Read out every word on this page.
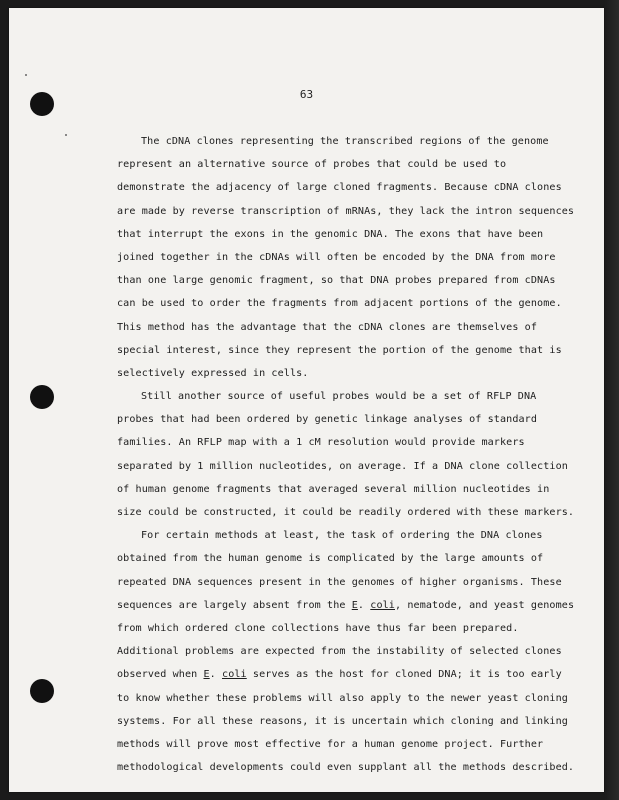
63
The cDNA clones representing the transcribed regions of the genome
represent an alternative source of probes that could be used to
demonstrate the adjacency of large cloned fragments. Because cDNA clones
are made by reverse transcription of mRNAs, they lack the intron sequences
that interrupt the exons in the genomic DNA. The exons that have been
joined together in the cDNAs will often be encoded by the DNA from more
than one large genomic fragment, so that DNA probes prepared from cDNAs
can be used to order the fragments from adjacent portions of the genome.
This method has the advantage that the cDNA clones are themselves of
special interest, since they represent the portion of the genome that is
selectively expressed in cells.
Still another source of useful probes would be a set of RFLP DNA
probes that had been ordered by genetic linkage analyses of standard
families. An RFLP map with a 1 cM resolution would provide markers
separated by 1 million nucleotides, on average. If a DNA clone collection
of human genome fragments that averaged several million nucleotides in
size could be constructed, it could be readily ordered with these markers.
For certain methods at least, the task of ordering the DNA clones
obtained from the human genome is complicated by the large amounts of
repeated DNA sequences present in the genomes of higher organisms. These
sequences are largely absent from the E. coli, nematode, and yeast genomes
from which ordered clone collections have thus far been prepared.
Additional problems are expected from the instability of selected clones
observed when E. coli serves as the host for cloned DNA; it is too early
to know whether these problems will also apply to the newer yeast cloning
systems. For all these reasons, it is uncertain which cloning and linking
methods will prove most effective for a human genome project. Further
methodological developments could even supplant all the methods described.
